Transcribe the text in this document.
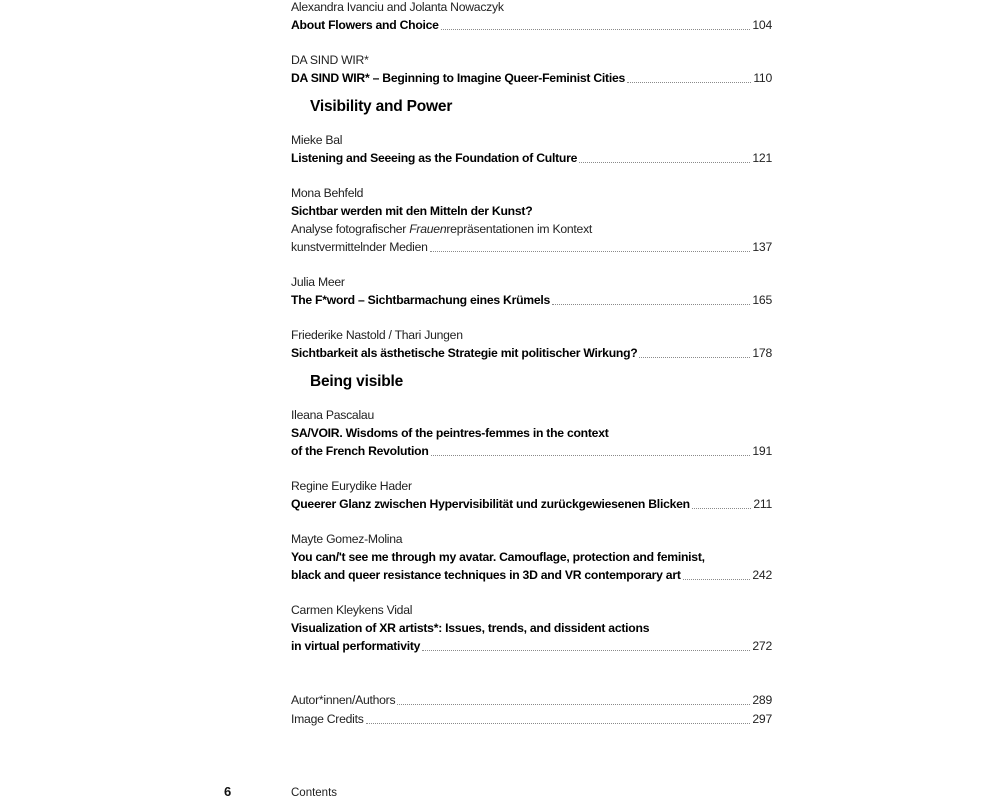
Alexandra Ivanciu and Jolanta Nowaczyk
About Flowers and Choice	104
DA SIND WIR*
DA SIND WIR* – Beginning to Imagine Queer-Feminist Cities	110
Visibility and Power
Mieke Bal
Listening and Seeeing as the Foundation of Culture	121
Mona Behfeld
Sichtbar werden mit den Mitteln der Kunst?
Analyse fotografischer Frauenrepräsentationen im Kontext
kunstvermittelnder Medien	137
Julia Meer
The F*word – Sichtbarmachung eines Krümels	165
Friederike Nastold / Thari Jungen
Sichtbarkeit als ästhetische Strategie mit politischer Wirkung?	178
Being visible
Ileana Pascalau
SA/VOIR. Wisdoms of the peintres-femmes in the context
of the French Revolution	191
Regine Eurydike Hader
Queerer Glanz zwischen Hypervisibilität und zurückgewiesenen Blicken	211
Mayte Gomez-Molina
You can/'t see me through my avatar. Camouflage, protection and feminist,
black and queer resistance techniques in 3D and VR contemporary art	242
Carmen Kleykens Vidal
Visualization of XR artists*: Issues, trends, and dissident actions
in virtual performativity	272
Autor*innen/Authors	289
Image Credits	297
6	Contents
